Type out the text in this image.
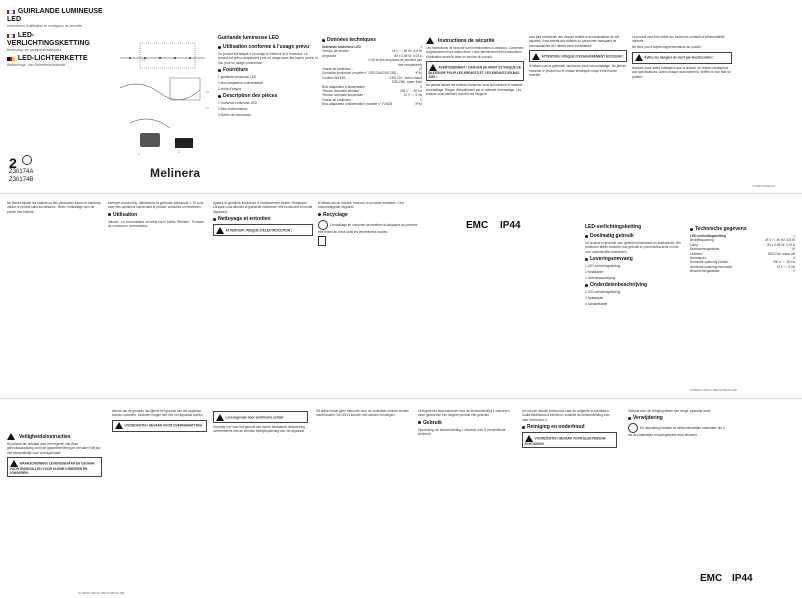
GUIRLANDE LUMINEUSE LED
Instructions d’utilisation et consignes de sécurité
LED-VERLICHTINGSKETTING
Bediening- en veiligheidsinstructies
LED-LICHTERKETTE
Bedienungs- und Sicherheitshinweise
2
Z30174A
Z30174B
1a
1b
1c
2
3
Melinera
Guirlande lumineuse LED
Utilisation conforme à l’usage prévu

Ce produit est adapté à un usage à l’intérieur et à l’extérieur. Le produit est prévu uniquement pour un usage dans des foyers privés, et non pour un usage commercial.

Fourniture

1 guirlande lumineuse LED

1 bloc adaptateur d’alimentation

1 mode d’emploi

Description des pièces

1 Guirlande lumineuse LED

2 Bloc d’alimentation

3 Boîtier de commande

Données techniques
Guirlande lumineuse LED	1
Tension de service :	24 V ⎓, 50 Hz, 4,8 W
Ampoules :	80 x 0,06 W, 0,02 A
0,06 W (les ampoules ne peuvent pas être remplacées)
Classe de protection :	III
Guirlande lumineuse (modèle n° Z30174A/Z30174B) :	IP44
Couleur des DEL :	Z30174A : blanc chaud
Z30174B : blanc froid
Bloc adaptateur d’alimentation :	2
Tension nominale primaire :	230 V ∼, 50 Hz
Tension nominale secondaire :	24 V ⎓, 5 VA
Classe de protection :	II
Bloc adaptateur d’alimentation (modèle n° F2402) :	IP44
Instructions de sécurité

Les instructions de sécurité sont mentionnées ci-dessous. Conservez soigneusement ces instructions. Lisez attentivement les instructions d’utilisation avant la mise en service du produit.

AVERTISSEMENT ! DANGER DE MORT ET RISQUE DE BLESSURE POUR LES ENFANTS ET LES ENFANTS EN BAS ÂGE !

Ne jamais laisser les enfants manipuler sans surveillance le matériel d’emballage. Risque d’étouffement par le matériel d’emballage. Les enfants sous-estiment souvent les dangers.

sont pas conscients des risques relatifs à la manipulation de cet appareil. Il est interdit aux enfants ou personnes manquant de connaissances de l’utiliser sans surveillance.

ATTENTION ! RISQUE D’ÉCHAUFFEMENT EXCESSIF !

N’utilisez pas la guirlande lumineuse dans son emballage. Ne jamais brancher le produit sur le réseau électrique lorsqu’il est encore emballé.

Le produit peut être utilisé sur toutes les surfaces d’inflammabilité normale.

Ne fixez pas d’objets supplémentaires au produit.

Évitez les dangers de mort par électrocution !

Assurez-vous avant l’utilisation que la tension du réseau correspond aux spécifications. Avant chaque raccordement, vérifiez le bon état du produit.

FR/BE/FR/BE/NL/...

Ne jamais laisser les enfants ou des personnes ayant un handicap utiliser le produit sans surveillance. Tenez l’emballage hors de portée des enfants.

exemple couvercles), débranchez la guirlande lumineuse 1. Si vous avez des questions concernant le produit, consultez un électricien.

Utilisation

Allumer : Le commutateur est situé sur le boîtier. Éteindre : Poussez de nouveau le commutateur.

Ajustez la guirlande lumineuse à l’emplacement désiré. Remarque : Lorsque vous allumez la guirlande lumineuse, elle fonctionne en mode clignotant.

Nettoyage et entretien
ATTENTION ! RISQUE D’ÉLECTROCUTION !

N’utilisez aucun solvant, essence ou produits similaires. Ceci endommagerait l’appareil.

Recyclage

L’emballage se compose de matières écologiques qui peuvent être mises au rebut dans les déchetteries locales.

EMC IP44	LED-verlichtingsketting
Doelmatig gebruik

Dit product is geschikt voor gebruik binnenshuis en buitenshuis. Het product is alleen bedoeld voor gebruik in privéhuishoudens en niet voor commerciële doeleinden.

Leveringsomvang

1 LED-verlichtingsketting

1 Netadapter

1 Gebruiksaanwijzing

Onderdelenbeschrijving

1 LED-verlichtingsketting

2 Netadapter

3 Schakelkastje

Technische gegevens
LED-verlichtingsketting	1
Bedrijfsspanning:	24 V ⎓, 50 Hz, 4,8 W
Lamp:	80 x 0,06 W, 0,02 A
Beschermingsklasse:	III
Ledkleur:	Z30174A: warm wit
Netadapter:	2
Nominale spanning primair:	230 V ∼, 50 Hz
Nominale spanning secundair:	24 V ⎓, 5 VA
Beschermingsklasse:	II
FR/BE/NL/BE/NL/BE/NL/BE/NL/DE
Veiligheidsinstructies

Bij schade die ontstaat door het negeren van deze gebruiksaanwijzing komt de garantieverlening te vervallen! Wij zijn niet aansprakelijk voor vervolgschade!

WAARSCHUWING! LEVENSGEVAAR EN GEVAAR VOOR ONGEVALLEN VOOR KLEINE KINDEREN EN JONGEREN!

kennis van de gevaren die tijdens het gebruik van het apparaat kunnen optreden. Kinderen mogen niet met het apparaat spelen.

VOORZICHTIG! GEVAAR VOOR OVERVERHITTING!
Levensgevaar door elektrische schok!

Overtuig u er vóór het gebruik van dat de bestaande netspanning overeenstemt met de vereiste bedrijfsspanning van het apparaat.

Dit artikel bevat geen delen die door de verbruiker kunnen worden onderhouden. De LED’s kunnen niet worden vervangen.

Ontkoppel de stroomtoevoer voor de kerstverlichting 1 wanneer u deze gedurende een langere periode niet gebruikt.

Gebruik

Opmerking: de kerstverlichting 1 beschikt over 8 verschillende lichtmodi.

om met de nieuwe lichtmodus naar de volgende te schakelen. Zodra lichtmodus 8 bereikt is, schakelt de kerstverlichting over naar lichtmodus 1.

Reiniging en onderhoud
VOORZICHTIG! GEVAAR VOOR ELEKTRISCHE SCHOKKEN!

Gebruik voor de reiniging alleen een droge, pluisvrije doek.

Verwijdering

De verpakking bestaat uit milieuvriendelijke materialen die u via de plaatselijke recyclingbakken kunt afvoeren.

EMC IP44
NL/BE/NL/BE/NL/BE/NL/BE/NL/BE
